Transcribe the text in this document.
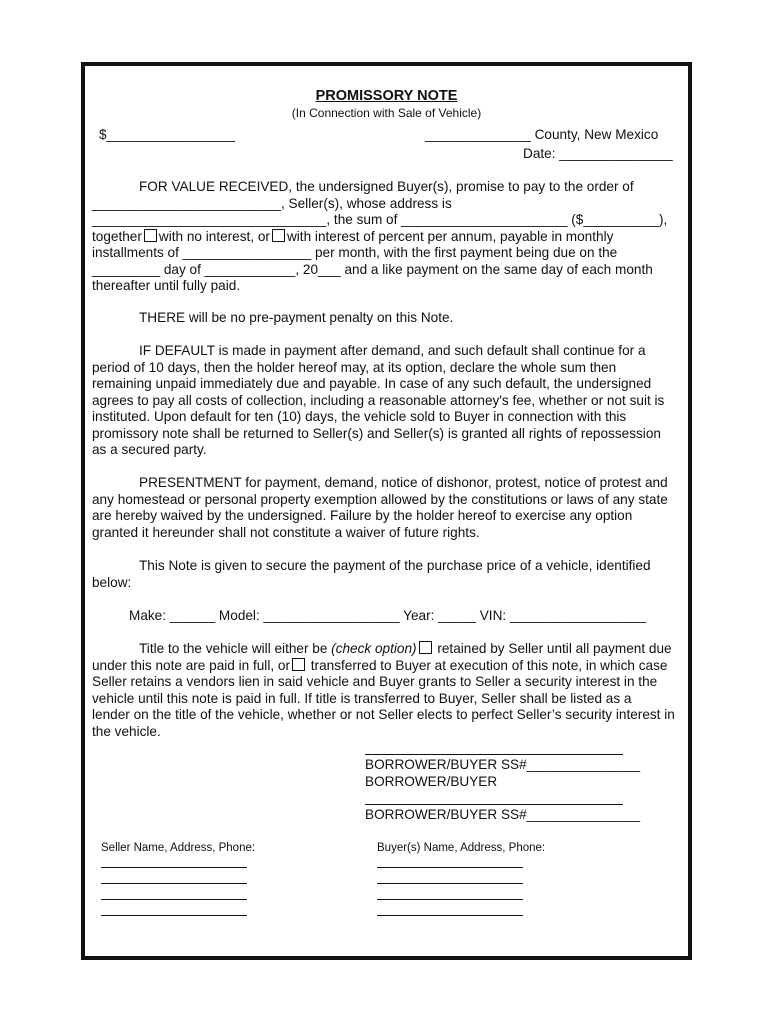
PROMISSORY NOTE
(In Connection with Sale of Vehicle)
$_________________	______________ County, New Mexico
Date: _______________
FOR VALUE RECEIVED, the undersigned Buyer(s), promise to pay to the order of
_________________________, Seller(s), whose address is
_______________________________, the sum of ______________________ ($__________),
together with no interest, or with interest of percent per annum, payable in monthly
installments of _________________ per month, with the first payment being due on the
_________ day of ____________, 20___ and a like payment on the same day of each month
thereafter until fully paid.
THERE will be no pre-payment penalty on this Note.
IF DEFAULT is made in payment after demand, and such default shall continue for a
period of 10 days, then the holder hereof may, at its option, declare the whole sum then
remaining unpaid immediately due and payable. In case of any such default, the undersigned
agrees to pay all costs of collection, including a reasonable attorney's fee, whether or not suit is
instituted. Upon default for ten (10) days, the vehicle sold to Buyer in connection with this
promissory note shall be returned to Seller(s) and Seller(s) is granted all rights of repossession
as a secured party.
PRESENTMENT for payment, demand, notice of dishonor, protest, notice of protest and
any homestead or personal property exemption allowed by the constitutions or laws of any state
are hereby waived by the undersigned. Failure by the holder hereof to exercise any option
granted it hereunder shall not constitute a waiver of future rights.
This Note is given to secure the payment of the purchase price of a vehicle, identified
below:
Make: ______ Model: __________________ Year: _____ VIN: __________________
Title to the vehicle will either be (check option) retained by Seller until all payment due
under this note are paid in full, or transferred to Buyer at execution of this note, in which case
Seller retains a vendors lien in said vehicle and Buyer grants to Seller a security interest in the
vehicle until this note is paid in full. If title is transferred to Buyer, Seller shall be listed as a
lender on the title of the vehicle, whether or not Seller elects to perfect Seller’s security interest in
the vehicle.
BORROWER/BUYER SS#_______________
BORROWER/BUYER
BORROWER/BUYER SS#_______________
Seller Name, Address, Phone:	Buyer(s) Name, Address, Phone:
